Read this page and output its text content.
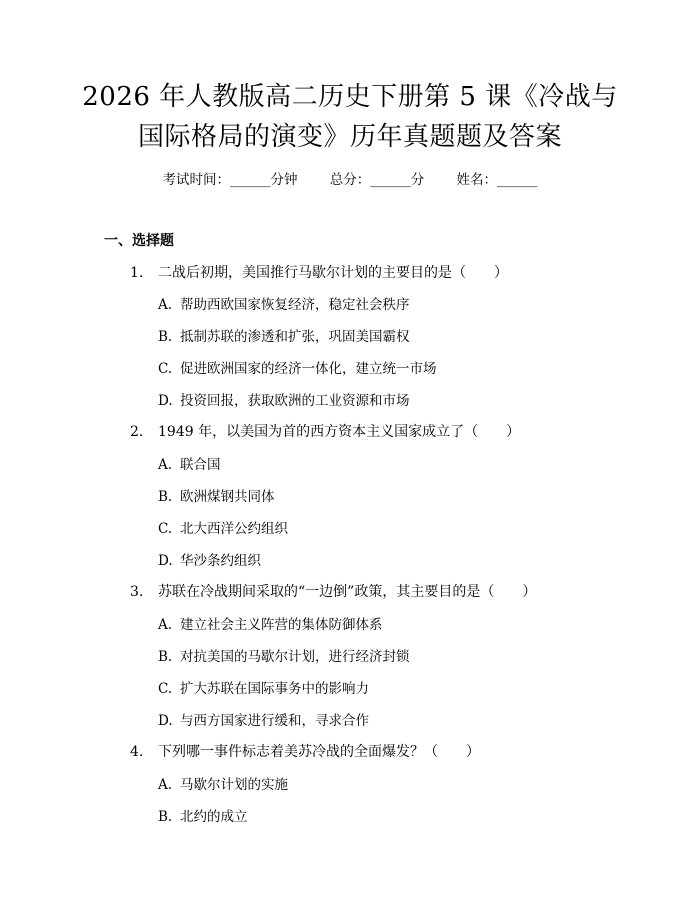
2026 年人教版高二历史下册第 5 课《冷战与
国际格局的演变》历年真题题及答案
考试时间：______分钟 总分：______分 姓名：______
一、选择题
1. 二战后初期，美国推行马歇尔计划的主要目的是（　　）
A. 帮助西欧国家恢复经济，稳定社会秩序
B. 抵制苏联的渗透和扩张，巩固美国霸权
C. 促进欧洲国家的经济一体化，建立统一市场
D. 投资回报，获取欧洲的工业资源和市场
2. 1949 年，以美国为首的西方资本主义国家成立了（　　）
A. 联合国
B. 欧洲煤钢共同体
C. 北大西洋公约组织
D. 华沙条约组织
3. 苏联在冷战期间采取的“一边倒”政策，其主要目的是（　　）
A. 建立社会主义阵营的集体防御体系
B. 对抗美国的马歇尔计划，进行经济封锁
C. 扩大苏联在国际事务中的影响力
D. 与西方国家进行缓和，寻求合作
4. 下列哪一事件标志着美苏冷战的全面爆发？（　　）
A. 马歇尔计划的实施
B. 北约的成立
